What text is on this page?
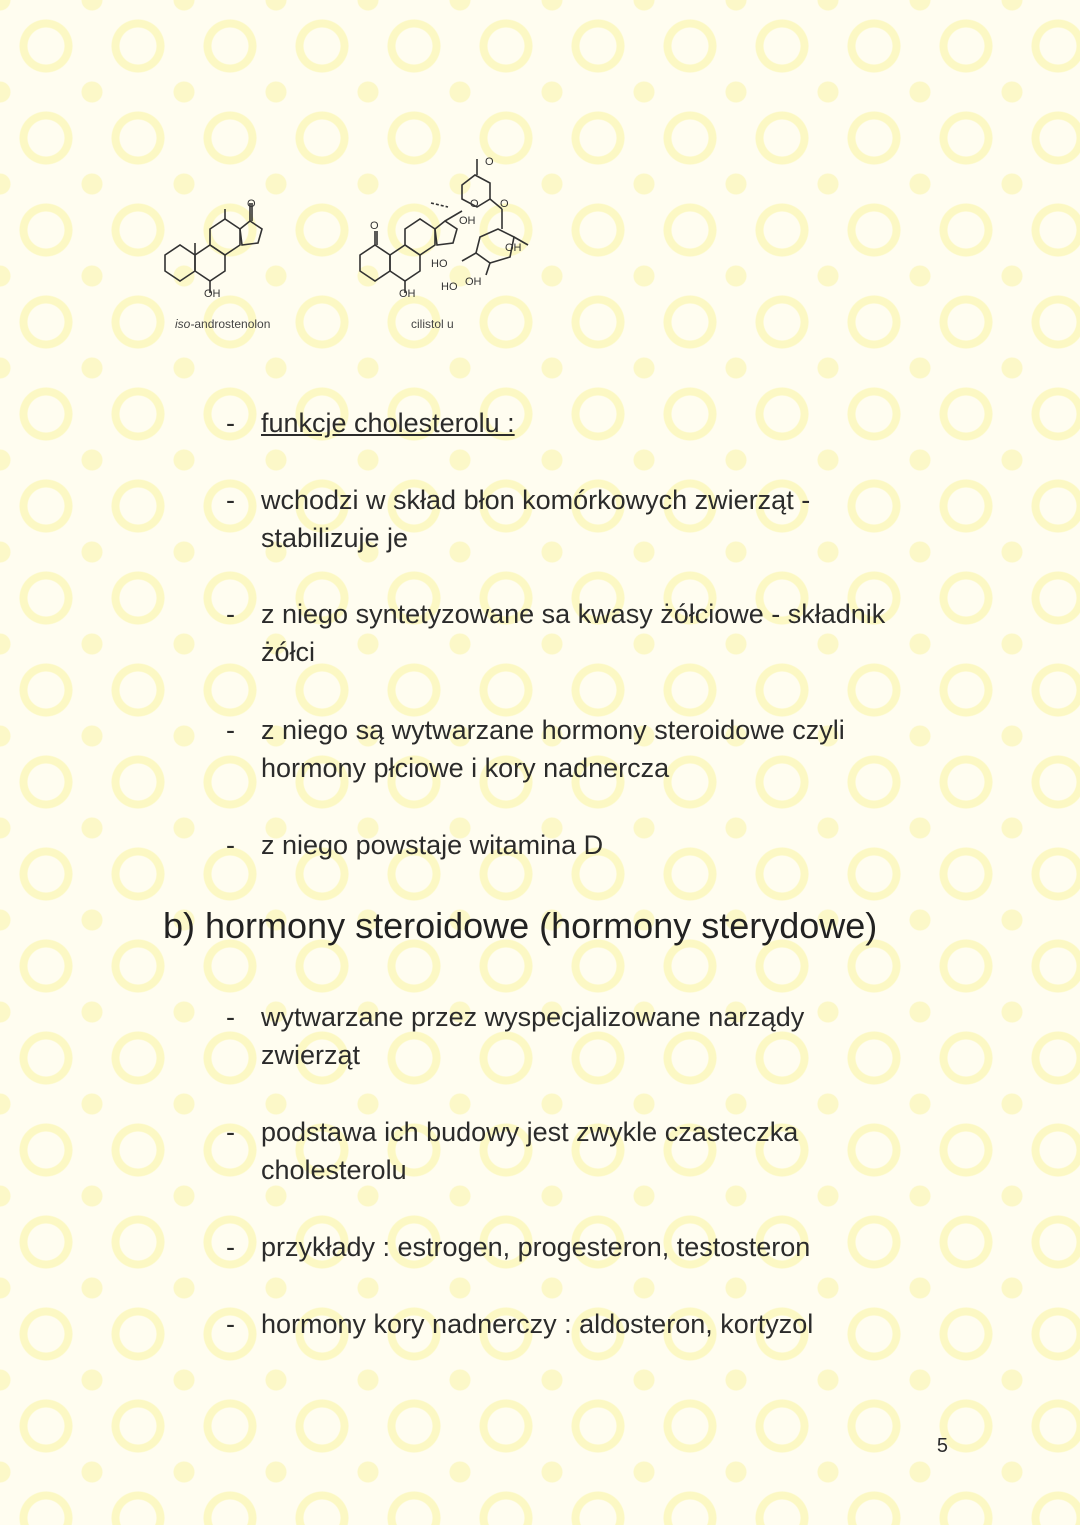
OH
O
O
OH
OH
HO
HO OH
OH
O
O O
iso-androstenolon	cilistol u
- funkcje cholesterolu :
- wchodzi w skład błon komórkowych zwierząt - stabilizuje je
- z niego syntetyzowane sa kwasy żółciowe - składnik żółci
- z niego są wytwarzane hormony steroidowe czyli hormony płciowe i kory nadnercza
- z niego powstaje witamina D
b) hormony steroidowe (hormony sterydowe)
- wytwarzane przez wyspecjalizowane narządy zwierząt
- podstawa ich budowy jest zwykle czasteczka cholesterolu
- przykłady : estrogen, progesteron, testosteron
- hormony kory nadnerczy : aldosteron, kortyzol
5
